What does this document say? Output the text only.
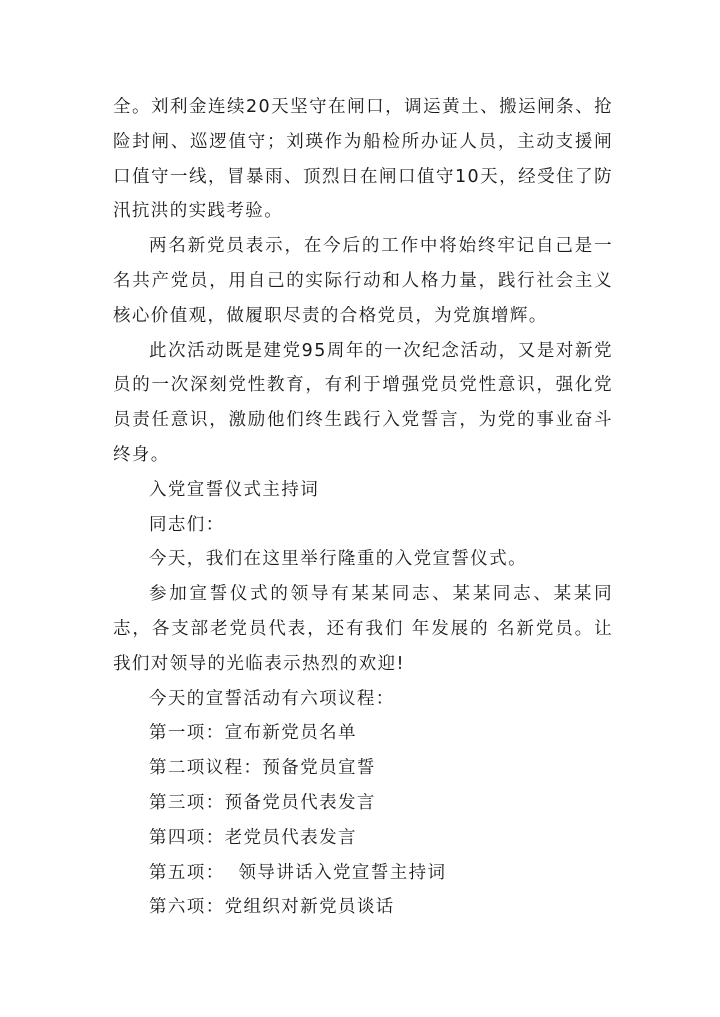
全。刘利金连续20天坚守在闸口，调运黄土、搬运闸条、抢险封闸、巡逻值守；刘瑛作为船检所办证人员，主动支援闸口值守一线，冒暴雨、顶烈日在闸口值守10天，经受住了防汛抗洪的实践考验。

两名新党员表示，在今后的工作中将始终牢记自己是一名共产党员，用自己的实际行动和人格力量，践行社会主义核心价值观，做履职尽责的合格党员，为党旗增辉。

此次活动既是建党95周年的一次纪念活动，又是对新党员的一次深刻党性教育，有利于增强党员党性意识，强化党员责任意识，激励他们终生践行入党誓言，为党的事业奋斗终身。

入党宣誓仪式主持词

同志们：

今天，我们在这里举行隆重的入党宣誓仪式。

参加宣誓仪式的领导有某某同志、某某同志、某某同志，各支部老党员代表，还有我们 年发展的 名新党员。让我们对领导的光临表示热烈的欢迎!

今天的宣誓活动有六项议程：

第一项：宣布新党员名单

第二项议程：预备党员宣誓

第三项：预备党员代表发言

第四项：老党员代表发言

第五项：  领导讲话入党宣誓主持词

第六项：党组织对新党员谈话
